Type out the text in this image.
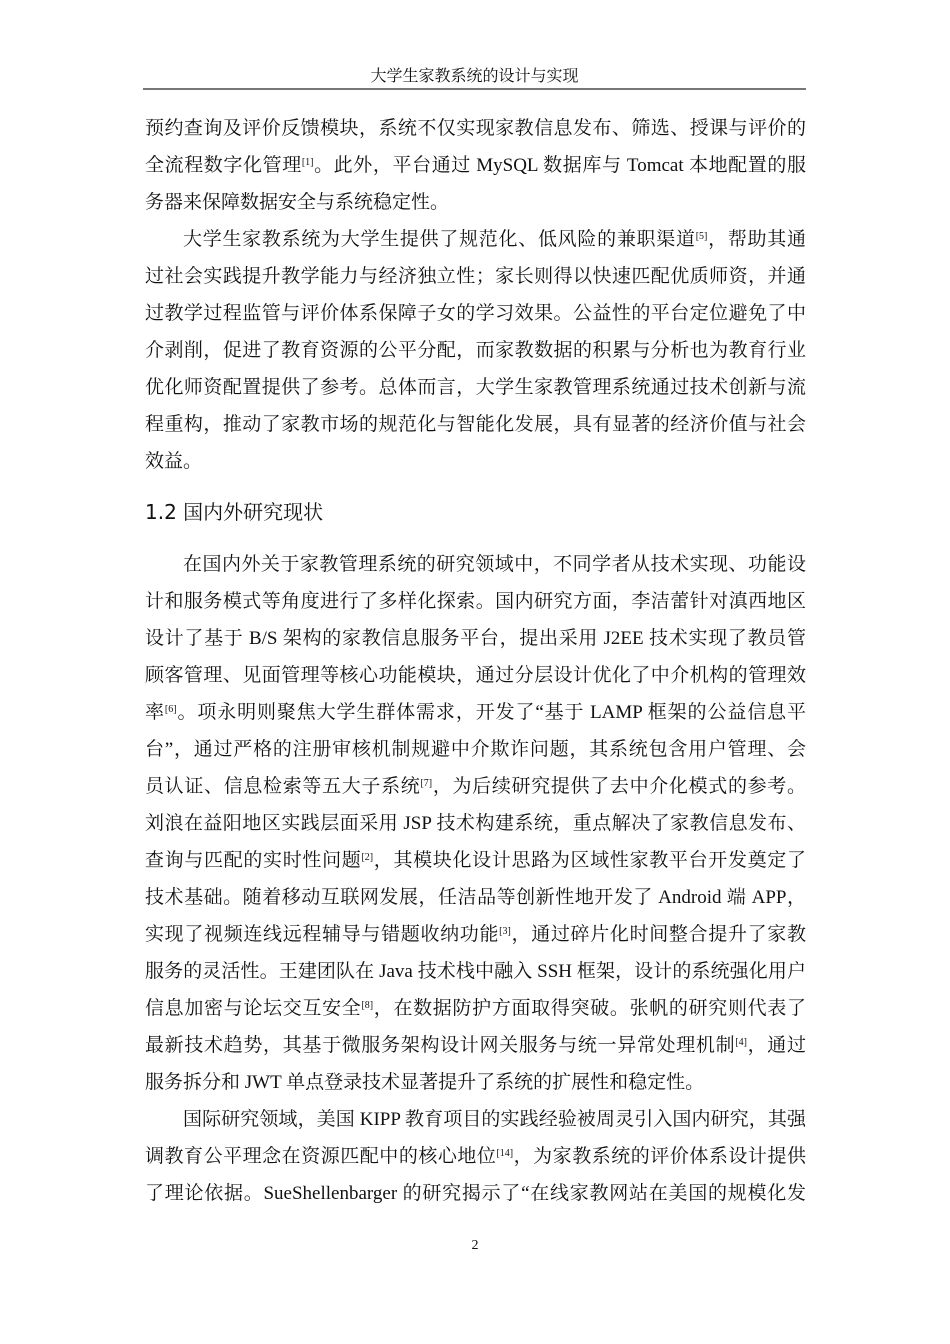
大学生家教系统的设计与实现
预约查询及评价反馈模块，系统不仅实现家教信息发布、筛选、授课与评价的
全流程数字化管理[1]。此外，平台通过 MySQL 数据库与 Tomcat 本地配置的服
务器来保障数据安全与系统稳定性。
大学生家教系统为大学生提供了规范化、低风险的兼职渠道[5]，帮助其通
过社会实践提升教学能力与经济独立性；家长则得以快速匹配优质师资，并通
过教学过程监管与评价体系保障子女的学习效果。公益性的平台定位避免了中
介剥削，促进了教育资源的公平分配，而家教数据的积累与分析也为教育行业
优化师资配置提供了参考。总体而言，大学生家教管理系统通过技术创新与流
程重构，推动了家教市场的规范化与智能化发展，具有显著的经济价值与社会
效益。
1.2 国内外研究现状
在国内外关于家教管理系统的研究领域中，不同学者从技术实现、功能设
计和服务模式等角度进行了多样化探索。国内研究方面，李洁蕾针对滇西地区
设计了基于 B/S 架构的家教信息服务平台，提出采用 J2EE 技术实现了教员管
顾客管理、见面管理等核心功能模块，通过分层设计优化了中介机构的管理效
率[6]。项永明则聚焦大学生群体需求，开发了“基于 LAMP 框架的公益信息平
台”，通过严格的注册审核机制规避中介欺诈问题，其系统包含用户管理、会
员认证、信息检索等五大子系统[7]，为后续研究提供了去中介化模式的参考。
刘浪在益阳地区实践层面采用 JSP 技术构建系统，重点解决了家教信息发布、
查询与匹配的实时性问题[2]，其模块化设计思路为区域性家教平台开发奠定了
技术基础。随着移动互联网发展，任洁品等创新性地开发了 Android 端 APP，
实现了视频连线远程辅导与错题收纳功能[3]，通过碎片化时间整合提升了家教
服务的灵活性。王建团队在 Java 技术栈中融入 SSH 框架，设计的系统强化用户
信息加密与论坛交互安全[8]，在数据防护方面取得突破。张帆的研究则代表了
最新技术趋势，其基于微服务架构设计网关服务与统一异常处理机制[4]，通过
服务拆分和 JWT 单点登录技术显著提升了系统的扩展性和稳定性。
国际研究领域，美国 KIPP 教育项目的实践经验被周灵引入国内研究，其强
调教育公平理念在资源匹配中的核心地位[14]，为家教系统的评价体系设计提供
了理论依据。SueShellenbarger 的研究揭示了“在线家教网站在美国的规模化发
2
